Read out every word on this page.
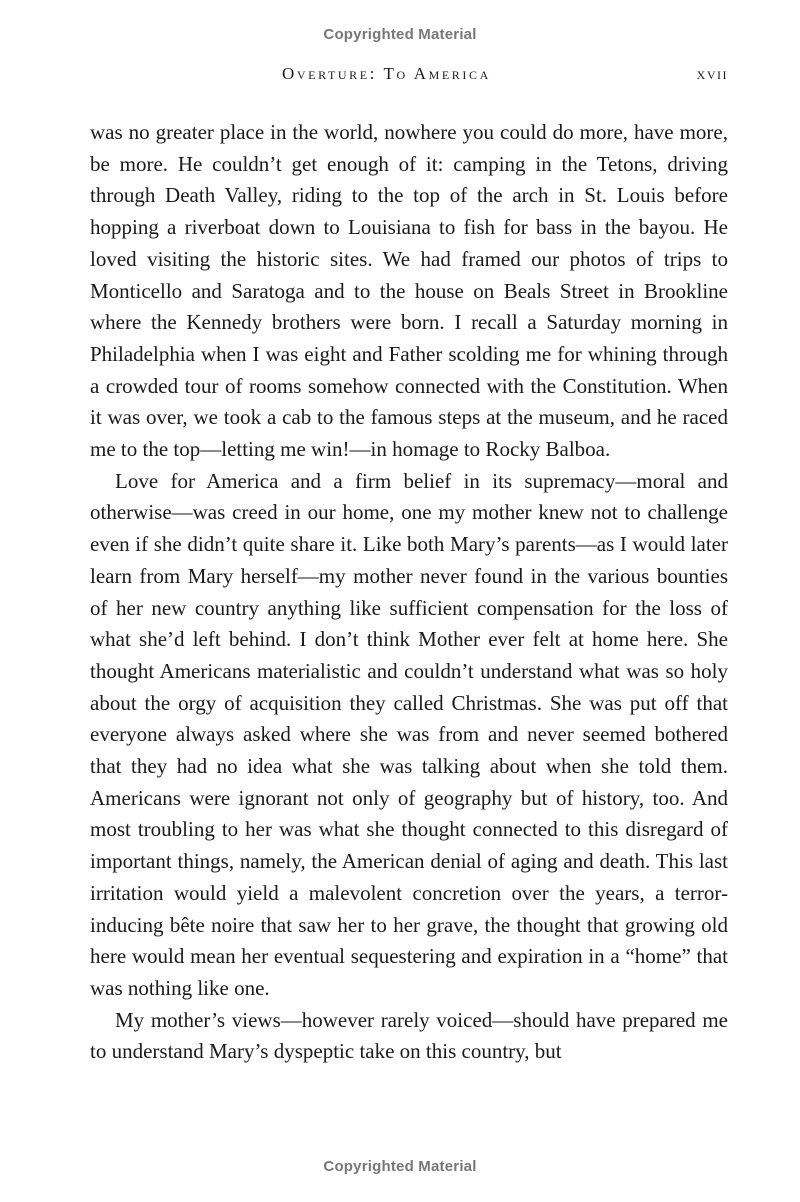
Copyrighted Material
Overture: To America	xvii

was no greater place in the world, nowhere you could do more, have more, be more. He couldn’t get enough of it: camping in the Tetons, driving through Death Valley, riding to the top of the arch in St. Louis before hopping a riverboat down to Louisiana to fish for bass in the bayou. He loved visiting the historic sites. We had framed our photos of trips to Monticello and Saratoga and to the house on Beals Street in Brookline where the Kennedy brothers were born. I recall a Saturday morning in Philadelphia when I was eight and Father scolding me for whining through a crowded tour of rooms somehow connected with the Constitution. When it was over, we took a cab to the famous steps at the museum, and he raced me to the top—letting me win!—in homage to Rocky Balboa.

Love for America and a firm belief in its supremacy—moral and otherwise—was creed in our home, one my mother knew not to challenge even if she didn’t quite share it. Like both Mary’s parents—as I would later learn from Mary herself—my mother never found in the various bounties of her new country anything like sufficient compensation for the loss of what she’d left behind. I don’t think Mother ever felt at home here. She thought Americans materialistic and couldn’t understand what was so holy about the orgy of acquisition they called Christmas. She was put off that everyone always asked where she was from and never seemed bothered that they had no idea what she was talking about when she told them. Americans were ignorant not only of geography but of history, too. And most troubling to her was what she thought connected to this disregard of important things, namely, the American denial of aging and death. This last irritation would yield a malevolent concretion over the years, a terror-inducing bête noire that saw her to her grave, the thought that growing old here would mean her eventual sequestering and expiration in a “home” that was nothing like one.

My mother’s views—however rarely voiced—should have prepared me to understand Mary’s dyspeptic take on this country, but

Copyrighted Material
